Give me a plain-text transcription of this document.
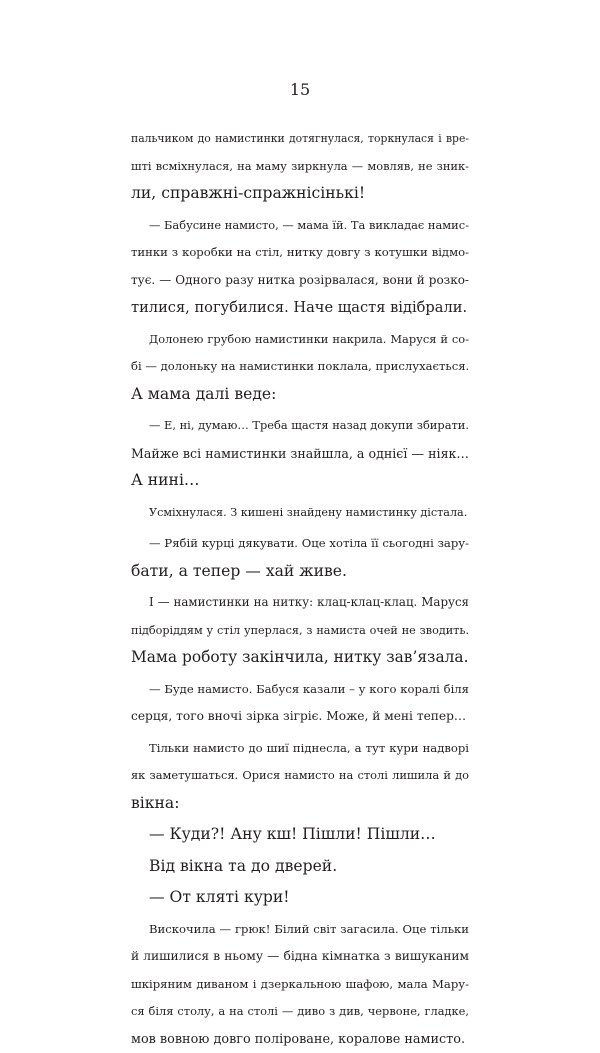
15
пальчиком до намистинки дотягнулася, торкнулася і вре-
шті всміхнулася, на маму зиркнула — мовляв, не зник-
ли, справжні-спражнісінькі!
— Бабусине намисто, — мама їй. Та викладає намис-
тинки з коробки на стіл, нитку довгу з котушки відмо-
тує. — Одного разу нитка розірвалася, вони й розко-
тилися, погубилися. Наче щастя відібрали.
Долонею грубою намистинки накрила. Маруся й со-
бі — долоньку на намистинки поклала, прислухається.
А мама далі веде:
— Е, ні, думаю… Треба щастя назад докупи збирати.
Майже всі намистинки знайшла, а однієї — ніяк…
А нині…
Усміхнулася. З кишені знайдену намистинку дістала.
— Рябій курці дякувати. Оце хотіла її сьогодні зару-
бати, а тепер — хай живе.
І — намистинки на нитку: клац-клац-клац. Маруся
підборіддям у стіл уперлася, з намиста очей не зводить.
Мама роботу закінчила, нитку зав’язала.
— Буде намисто. Бабуся казали – у кого коралі біля
серця, того вночі зірка зігріє. Може, й мені тепер…
Тільки намисто до шиї піднесла, а тут кури надворі
як заметушаться. Орися намисто на столі лишила й до
вікна:
— Куди?! Ану кш! Пішли! Пішли…
Від вікна та до дверей.
— От кляті кури!
Вискочила — грюк! Білий світ загасила. Оце тільки
й лишилися в ньому — бідна кімнатка з вишуканим
шкіряним диваном і дзеркальною шафою, мала Мару-
ся біля столу, а на столі — диво з див, червоне, гладке,
мов вовною довго поліроване, коралове намисто.
